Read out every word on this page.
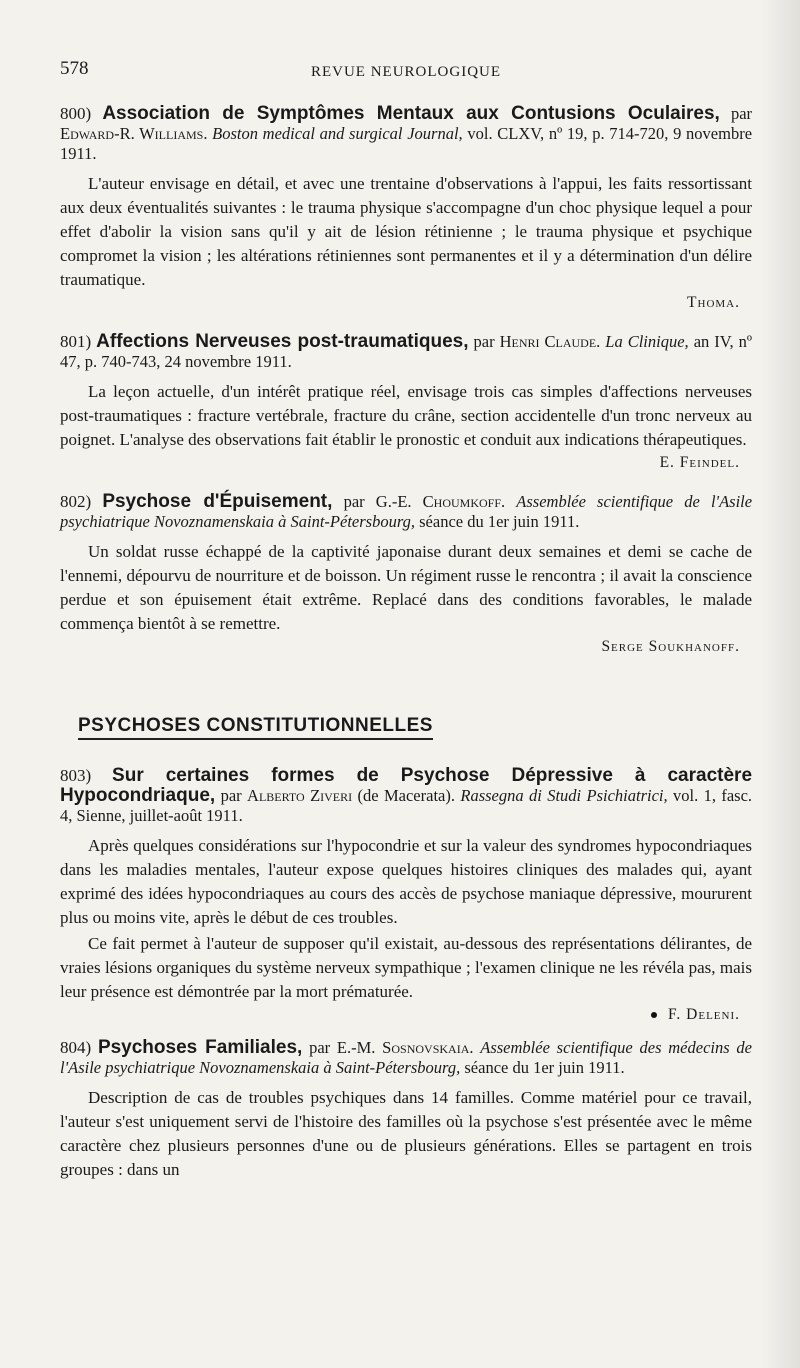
578	REVUE NEUROLOGIQUE

800) Association de Symptômes Mentaux aux Contusions Oculaires, par Edward-R. Williams. Boston medical and surgical Journal, vol. CLXV, nº 19, p. 714-720, 9 novembre 1911.

L'auteur envisage en détail, et avec une trentaine d'observations à l'appui, les faits ressortissant aux deux éventualités suivantes : le trauma physique s'accompagne d'un choc physique lequel a pour effet d'abolir la vision sans qu'il y ait de lésion rétinienne ; le trauma physique et psychique compromet la vision ; les altérations rétiniennes sont permanentes et il y a détermination d'un délire traumatique.

Thoma.

801) Affections Nerveuses post-traumatiques, par Henri Claude. La Clinique, an IV, nº 47, p. 740-743, 24 novembre 1911.

La leçon actuelle, d'un intérêt pratique réel, envisage trois cas simples d'affections nerveuses post-traumatiques : fracture vertébrale, fracture du crâne, section accidentelle d'un tronc nerveux au poignet. L'analyse des observations fait établir le pronostic et conduit aux indications thérapeutiques.

E. Feindel.

802) Psychose d'Épuisement, par G.-E. Choumkoff. Assemblée scientifique de l'Asile psychiatrique Novoznamenskaia à Saint-Pétersbourg, séance du 1er juin 1911.

Un soldat russe échappé de la captivité japonaise durant deux semaines et demi se cache de l'ennemi, dépourvu de nourriture et de boisson. Un régiment russe le rencontra ; il avait la conscience perdue et son épuisement était extrême. Replacé dans des conditions favorables, le malade commença bientôt à se remettre.

Serge Soukhanoff.

PSYCHOSES CONSTITUTIONNELLES

803) Sur certaines formes de Psychose Dépressive à caractère Hypocondriaque, par Alberto Ziveri (de Macerata). Rassegna di Studi Psichiatrici, vol. 1, fasc. 4, Sienne, juillet-août 1911.

Après quelques considérations sur l'hypocondrie et sur la valeur des syndromes hypocondriaques dans les maladies mentales, l'auteur expose quelques histoires cliniques des malades qui, ayant exprimé des idées hypocondriaques au cours des accès de psychose maniaque dépressive, moururent plus ou moins vite, après le début de ces troubles.

Ce fait permet à l'auteur de supposer qu'il existait, au-dessous des représentations délirantes, de vraies lésions organiques du système nerveux sympathique ; l'examen clinique ne les révéla pas, mais leur présence est démontrée par la mort prématurée.

F. Deleni.

804) Psychoses Familiales, par E.-M. Sosnovskaia. Assemblée scientifique des médecins de l'Asile psychiatrique Novoznamenskaia à Saint-Pétersbourg, séance du 1er juin 1911.

Description de cas de troubles psychiques dans 14 familles. Comme matériel pour ce travail, l'auteur s'est uniquement servi de l'histoire des familles où la psychose s'est présentée avec le même caractère chez plusieurs personnes d'une ou de plusieurs générations. Elles se partagent en trois groupes : dans un
